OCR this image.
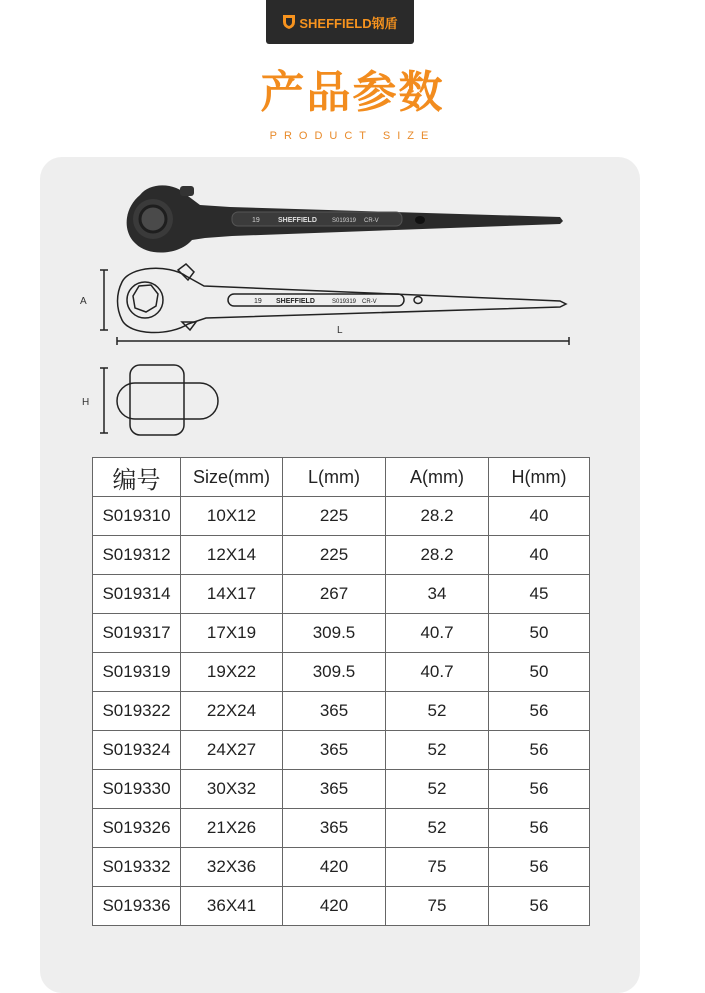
SHEFFIELD钢盾
产品参数
PRODUCT SIZE
19	SHEFFIELD	S019319 CR-V
19 SHEFFIELD	S019319 CR-V
A
L
H
编号	Size(mm)	L(mm)	A(mm)	H(mm)
S019310	10X12	225	28.2	40
S019312	12X14	225	28.2	40
S019314	14X17	267	34	45
S019317	17X19	309.5	40.7	50
S019319	19X22	309.5	40.7	50
S019322	22X24	365	52	56
S019324	24X27	365	52	56
S019330	30X32	365	52	56
S019326	21X26	365	52	56
S019332	32X36	420	75	56
S019336	36X41	420	75	56
